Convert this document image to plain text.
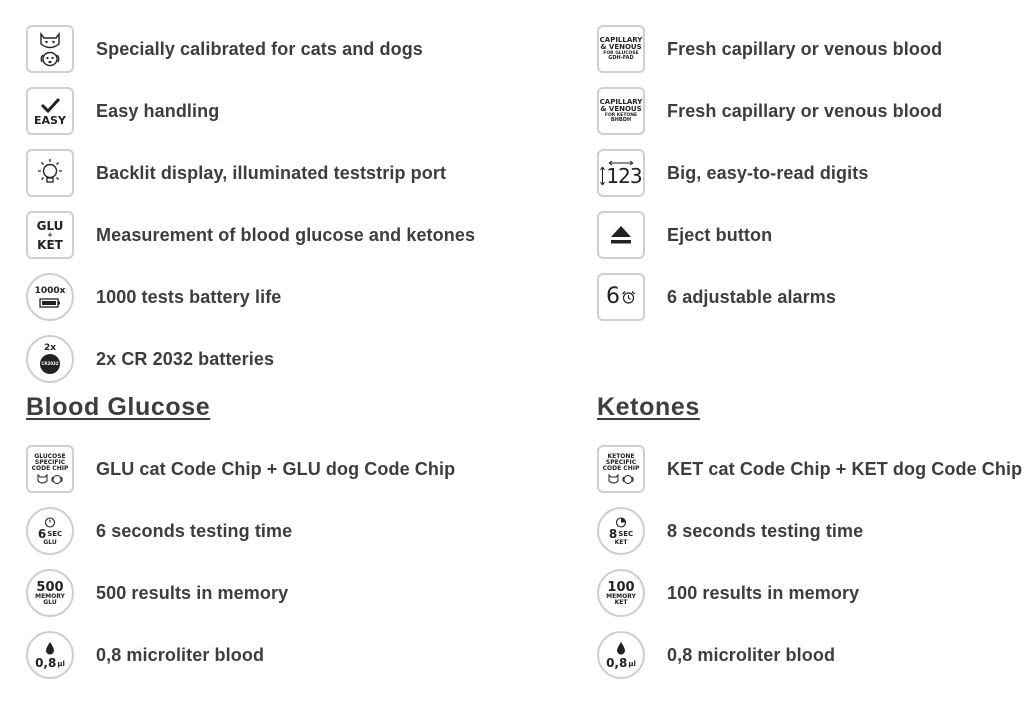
Specially calibrated for cats and dogs
EASY Easy handling
Backlit display, illuminated teststrip port
GLU
+
KET Measurement of blood glucose and ketones
1000x 1000 tests battery life
2x
CR2032 2x CR 2032 batteries
Blood Glucose
GLUCOSE
SPECIFIC
CODE CHIP GLU cat Code Chip + GLU dog Code Chip
6 SEC
GLU
6 seconds testing time
500
MEMORY
GLU 500 results in memory
0,8 µl 0,8 microliter blood
CAPILLARY
& VENOUS
FOR GLUCOSE
GDH-FAD Fresh capillary or venous blood
CAPILLARY
& VENOUS
FOR KETONE
BHBDH Fresh capillary or venous blood
123 Big, easy-to-read digits
Eject button
6	6 adjustable alarms
Ketones
KETONE
SPECIFIC
CODE CHIP KET cat Code Chip + KET dog Code Chip
8 SEC
KET
8 seconds testing time
100
MEMORY
KET 100 results in memory
0,8 µl 0,8 microliter blood
